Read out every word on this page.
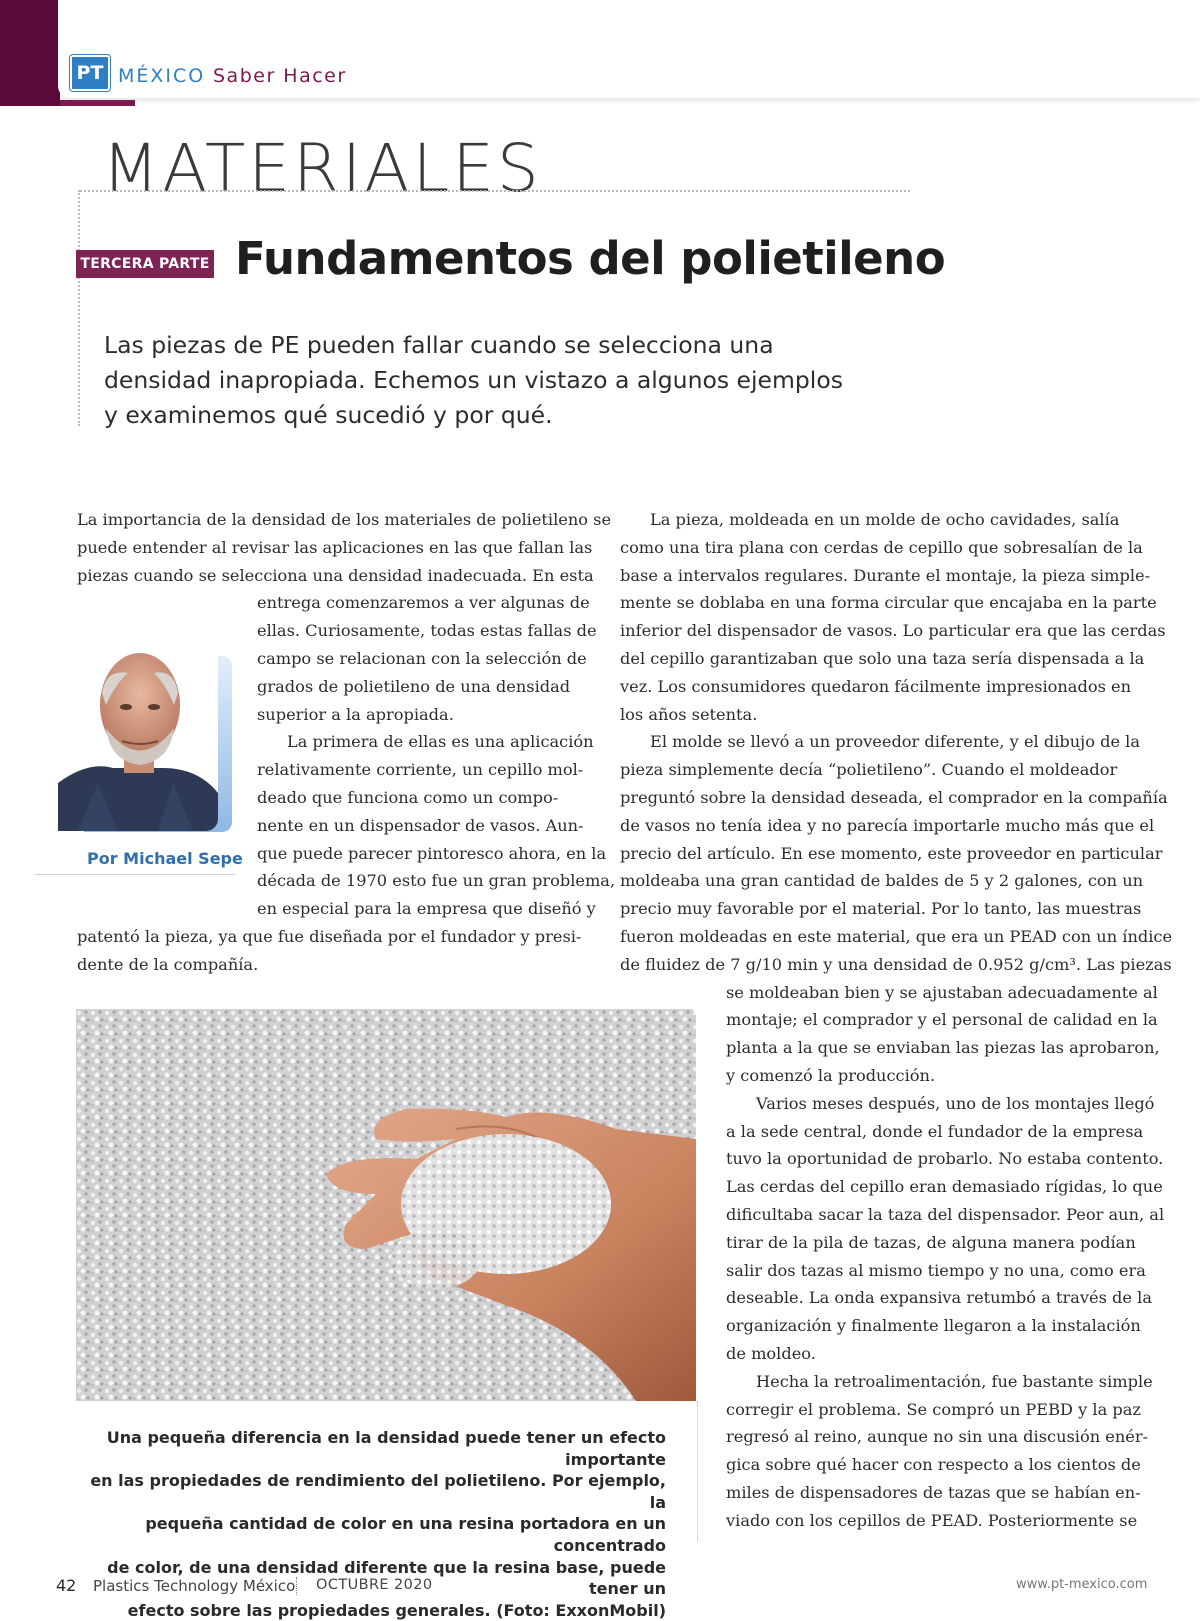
PT MÉXICO Saber Hacer
MATERIALES
TERCERA PARTE Fundamentos del polietileno
Las piezas de PE pueden fallar cuando se selecciona una
densidad inapropiada. Echemos un vistazo a algunos ejemplos
y examinemos qué sucedió y por qué.
La importancia de la densidad de los materiales de polietileno se
puede entender al revisar las aplicaciones en las que fallan las
piezas cuando se selecciona una densidad inadecuada. En esta
entrega comenzaremos a ver algunas de
ellas. Curiosamente, todas estas fallas de
campo se relacionan con la selección de
grados de polietileno de una densidad
superior a la apropiada.
La primera de ellas es una aplicación
relativamente corriente, un cepillo mol-
deado que funciona como un compo-
nente en un dispensador de vasos. Aun-
que puede parecer pintoresco ahora, en la
década de 1970 esto fue un gran problema,
en especial para la empresa que diseñó y
patentó la pieza, ya que fue diseñada por el fundador y presi-
dente de la compañía.
Por Michael Sepe
La pieza, moldeada en un molde de ocho cavidades, salía
como una tira plana con cerdas de cepillo que sobresalían de la
base a intervalos regulares. Durante el montaje, la pieza simple-
mente se doblaba en una forma circular que encajaba en la parte
inferior del dispensador de vasos. Lo particular era que las cerdas
del cepillo garantizaban que solo una taza sería dispensada a la
vez. Los consumidores quedaron fácilmente impresionados en
los años setenta.
El molde se llevó a un proveedor diferente, y el dibujo de la
pieza simplemente decía “polietileno”. Cuando el moldeador
preguntó sobre la densidad deseada, el comprador en la compañía
de vasos no tenía idea y no parecía importarle mucho más que el
precio del artículo. En ese momento, este proveedor en particular
moldeaba una gran cantidad de baldes de 5 y 2 galones, con un
precio muy favorable por el material. Por lo tanto, las muestras
fueron moldeadas en este material, que era un PEAD con un índice
de fluidez de 7 g/10 min y una densidad de 0.952 g/cm³. Las piezas
se moldeaban bien y se ajustaban adecuadamente al
montaje; el comprador y el personal de calidad en la
planta a la que se enviaban las piezas las aprobaron,
y comenzó la producción.
Varios meses después, uno de los montajes llegó
a la sede central, donde el fundador de la empresa
tuvo la oportunidad de probarlo. No estaba contento.
Las cerdas del cepillo eran demasiado rígidas, lo que
dificultaba sacar la taza del dispensador. Peor aun, al
tirar de la pila de tazas, de alguna manera podían
salir dos tazas al mismo tiempo y no una, como era
deseable. La onda expansiva retumbó a través de la
organización y finalmente llegaron a la instalación
de moldeo.
Hecha la retroalimentación, fue bastante simple
corregir el problema. Se compró un PEBD y la paz
regresó al reino, aunque no sin una discusión enér-
gica sobre qué hacer con respecto a los cientos de
miles de dispensadores de tazas que se habían en-
viado con los cepillos de PEAD. Posteriormente se
Una pequeña diferencia en la densidad puede tener un efecto importante
en las propiedades de rendimiento del polietileno. Por ejemplo, la
pequeña cantidad de color en una resina portadora en un concentrado
de color, de una densidad diferente que la resina base, puede tener un
efecto sobre las propiedades generales. (Foto: ExxonMobil)
42 Plastics Technology México OCTUBRE 2020	www.pt-mexico.com
